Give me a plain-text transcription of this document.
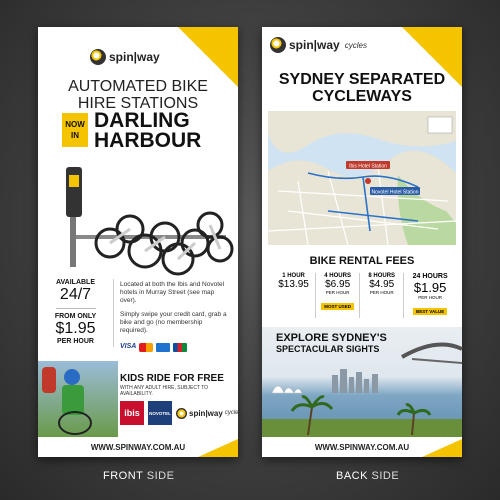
spin|way
AUTOMATED BIKE
HIRE STATIONS
NOW IN
DARLING
HARBOUR
AVAILABLE
24/7
FROM ONLY
$1.95
PER HOUR
Located at both the Ibis and Novotel hotels in Murray Street (see map over).
Simply swipe your credit card, grab a bike and go (no membership required).
VISA
KIDS RIDE FOR FREE
WITH ANY ADULT HIRE, SUBJECT TO AVAILABILITY.
ibis	NOVOTEL spin|way cycles
WWW.SPINWAY.COM.AU
spin|way cycles
SYDNEY SEPARATED
CYCLEWAYS
Ibis Hotel Station
Novotel Hotel Station
BIKE RENTAL FEES
1 HOUR
$13.95
4 HOURS
$6.95
PER HOUR
MOST USED
8 HOURS
$4.95
PER HOUR
24 HOURS
$1.95
PER HOUR
BEST VALUE
EXPLORE SYDNEY'S
SPECTACULAR SIGHTS
WWW.SPINWAY.COM.AU
FRONT SIDE	BACK SIDE
